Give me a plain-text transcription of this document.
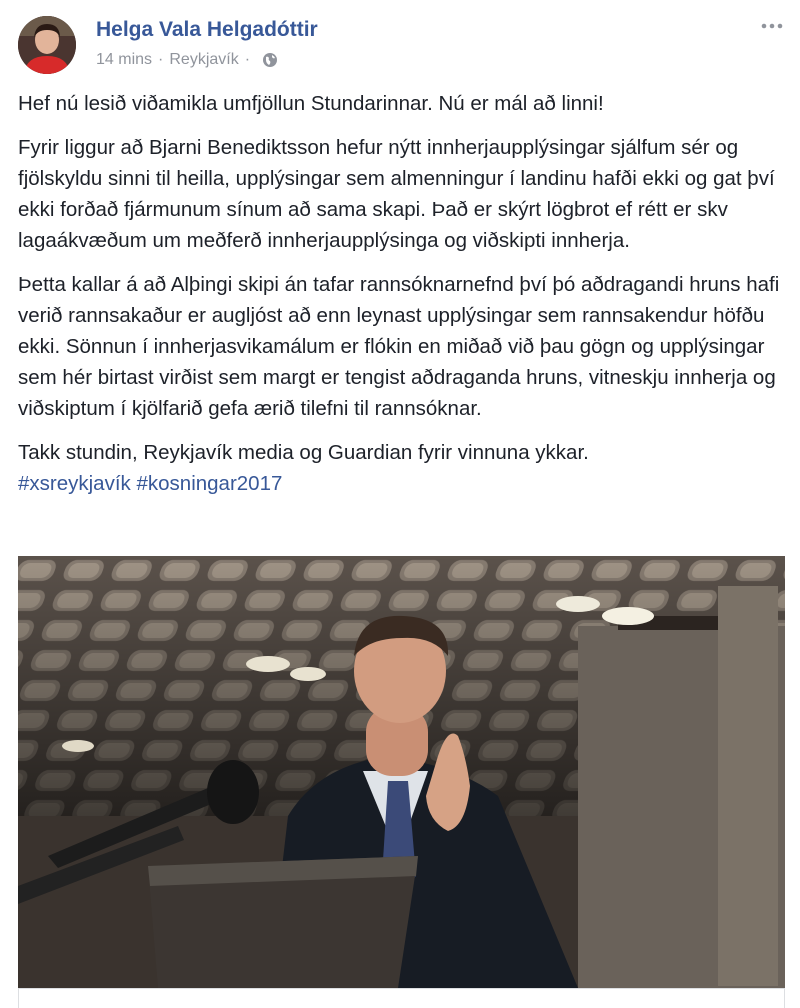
Helga Vala Helgadóttir
14 mins · Reykjavík ·

Hef nú lesið viðamikla umfjöllun Stundarinnar. Nú er mál að linni!

Fyrir liggur að Bjarni Benediktsson hefur nýtt innherjaupplýsingar sjálfum sér og fjölskyldu sinni til heilla, upplýsingar sem almenningur í landinu hafði ekki og gat því ekki forðað fjármunum sínum að sama skapi. Það er skýrt lögbrot ef rétt er skv lagaákvæðum um meðferð innherjaupplýsinga og viðskipti innherja.

Þetta kallar á að Alþingi skipi án tafar rannsóknarnefnd því þó aðdragandi hruns hafi verið rannsakaður er augljóst að enn leynast upplýsingar sem rannsakendur höfðu ekki. Sönnun í innherjasvikamálum er flókin en miðað við þau gögn og upplýsingar sem hér birtast virðist sem margt er tengist aðdraganda hruns, vitneskju innherja og viðskiptum í kjölfarið gefa ærið tilefni til rannsóknar.

Takk stundin, Reykjavík media og Guardian fyrir vinnuna ykkar.
#xsreykjavík #kosningar2017
